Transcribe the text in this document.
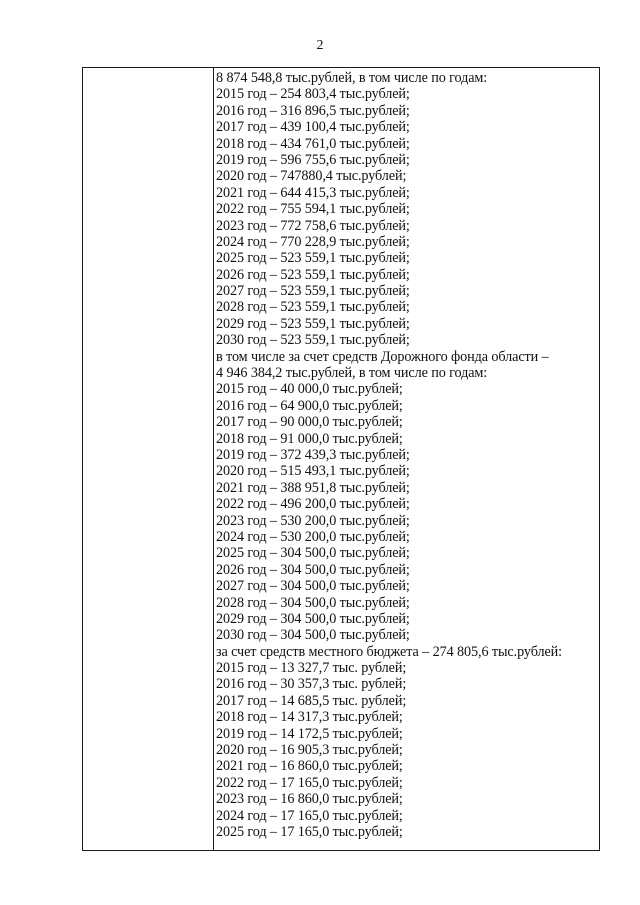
2

8 874 548,8 тыс.рублей, в том числе по годам:

2015 год – 254 803,4 тыс.рублей;

2016 год – 316 896,5 тыс.рублей;

2017 год – 439 100,4 тыс.рублей;

2018 год – 434 761,0 тыс.рублей;

2019 год – 596 755,6 тыс.рублей;

2020 год – 747880,4 тыс.рублей;

2021 год – 644 415,3 тыс.рублей;

2022 год – 755 594,1 тыс.рублей;

2023 год – 772 758,6 тыс.рублей;

2024 год – 770 228,9 тыс.рублей;

2025 год – 523 559,1 тыс.рублей;

2026 год – 523 559,1 тыс.рублей;

2027 год – 523 559,1 тыс.рублей;

2028 год – 523 559,1 тыс.рублей;

2029 год – 523 559,1 тыс.рублей;

2030 год – 523 559,1 тыс.рублей;

в том числе за счет средств Дорожного фонда области –

4 946 384,2 тыс.рублей, в том числе по годам:

2015 год – 40 000,0 тыс.рублей;

2016 год – 64 900,0 тыс.рублей;

2017 год – 90 000,0 тыс.рублей;

2018 год – 91 000,0 тыс.рублей;

2019 год – 372 439,3 тыс.рублей;

2020 год – 515 493,1 тыс.рублей;

2021 год – 388 951,8 тыс.рублей;

2022 год – 496 200,0 тыс.рублей;

2023 год – 530 200,0 тыс.рублей;

2024 год – 530 200,0 тыс.рублей;

2025 год – 304 500,0 тыс.рублей;

2026 год – 304 500,0 тыс.рублей;

2027 год – 304 500,0 тыс.рублей;

2028 год – 304 500,0 тыс.рублей;

2029 год – 304 500,0 тыс.рублей;

2030 год – 304 500,0 тыс.рублей;

за счет средств местного бюджета – 274 805,6 тыс.рублей:

2015 год – 13 327,7 тыс. рублей;

2016 год – 30 357,3 тыс. рублей;

2017 год – 14 685,5 тыс. рублей;

2018 год – 14 317,3 тыс.рублей;

2019 год – 14 172,5 тыс.рублей;

2020 год – 16 905,3 тыс.рублей;

2021 год – 16 860,0 тыс.рублей;

2022 год – 17 165,0 тыс.рублей;

2023 год – 16 860,0 тыс.рублей;

2024 год – 17 165,0 тыс.рублей;

2025 год – 17 165,0 тыс.рублей;
